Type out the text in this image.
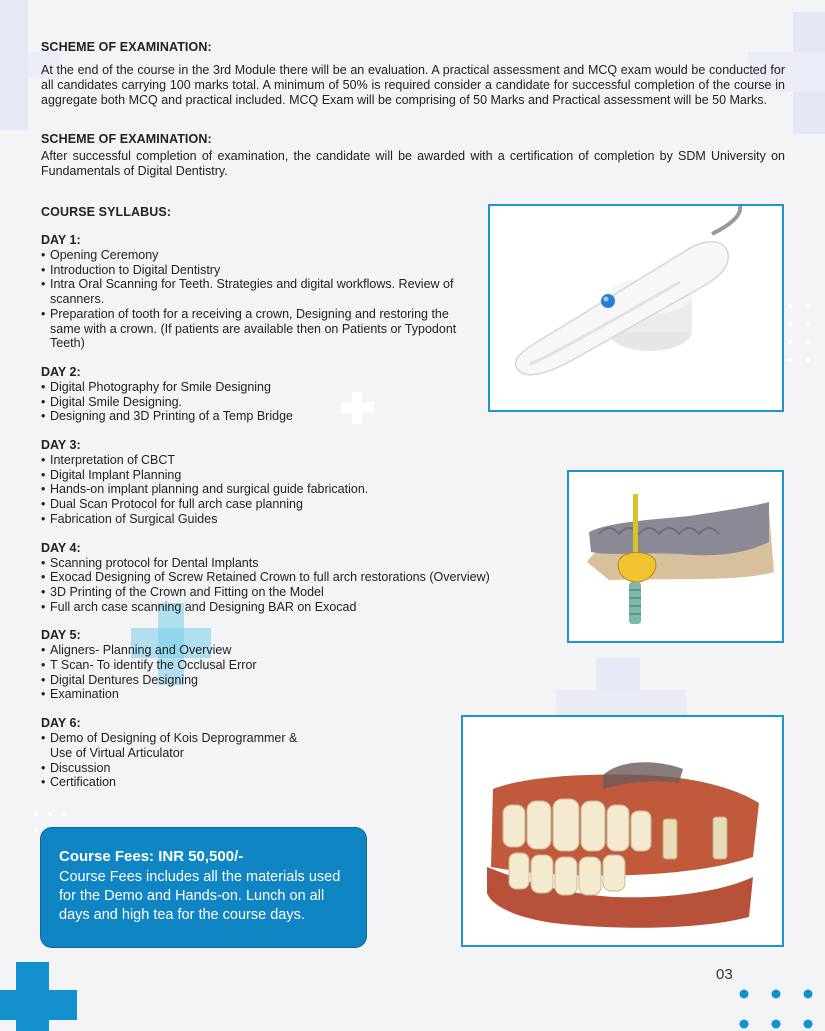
SCHEME OF EXAMINATION:
At the end of the course in the 3rd Module there will be an evaluation. A practical assessment and MCQ exam would be conducted for all candidates carrying 100 marks total. A minimum of 50% is required consider a candidate for successful completion of the course in aggregate both MCQ and practical included. MCQ Exam will be comprising of 50 Marks and Practical assessment will be 50 Marks.
SCHEME OF EXAMINATION:
After successful completion of examination, the candidate will be awarded with a certification of completion by SDM University on Fundamentals of Digital Dentistry.
COURSE SYLLABUS:
DAY 1:
• Opening Ceremony
• Introduction to Digital Dentistry
• Intra Oral Scanning for Teeth. Strategies and digital workflows. Review of scanners.
• Preparation of tooth for a receiving a crown, Designing and restoring the same with a crown. (If patients are available then on Patients or Typodont Teeth)
DAY 2:
• Digital Photography for Smile Designing
• Digital Smile Designing.
• Designing and 3D Printing of a Temp Bridge
DAY 3:
• Interpretation of CBCT
• Digital Implant Planning
• Hands-on implant planning and surgical guide fabrication.
• Dual Scan Protocol for full arch case planning
• Fabrication of Surgical Guides
DAY 4:
• Scanning protocol for Dental Implants
• Exocad Designing of Screw Retained Crown to full arch restorations (Overview)
• 3D Printing of the Crown and Fitting on the Model
• Full arch case scanning and Designing BAR on Exocad
DAY 5:
• Aligners- Planning and Overview
• T Scan- To identify the Occlusal Error
• Digital Dentures Designing
• Examination
DAY 6:
• Demo of Designing of Kois Deprogrammer & Use of Virtual Articulator
• Discussion
• Certification
Course Fees: INR 50,500/-
Course Fees includes all the materials used for the Demo and Hands-on. Lunch on all days and high tea for the course days.
03
